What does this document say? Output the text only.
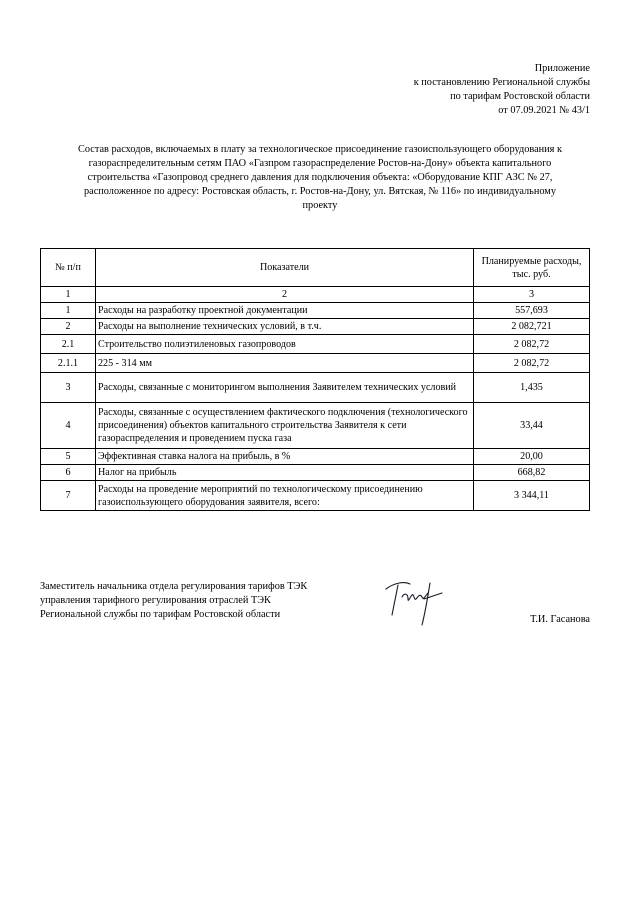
Приложение
к постановлению Региональной службы
по тарифам Ростовской области
от 07.09.2021 № 43/1
Состав расходов, включаемых в плату за технологическое присоединение газоиспользующего оборудования к
газораспределительным сетям ПАО «Газпром газораспределение Ростов-на-Дону» объекта капитального
строительства «Газопровод среднего давления для подключения объекта: «Оборудование КПГ АЗС № 27,
расположенное по адресу: Ростовская область, г. Ростов-на-Дону, ул. Вятская, № 116» по индивидуальному
проекту
№ п/п	Показатели	Планируемые расходы, тыс. руб.
1	2	3
1	Расходы на разработку проектной документации	557,693
2	Расходы на выполнение технических условий, в т.ч.	2 082,721
2.1	Строительство полиэтиленовых газопроводов	2 082,72
2.1.1	225 - 314 мм	2 082,72
3	Расходы, связанные с мониторингом выполнения Заявителем технических условий	1,435
4	Расходы, связанные с осуществлением фактического подключения (технологического присоединения) объектов капитального строительства Заявителя к сети газораспределения и проведением пуска газа	33,44
5	Эффективная ставка налога на прибыль, в %	20,00
6	Налог на прибыль	668,82
7	Расходы на проведение мероприятий по технологическому присоединению газоиспользующего оборудования заявителя, всего:	3 344,11
Заместитель начальника отдела регулирования тарифов ТЭК
управления тарифного регулирования отраслей ТЭК
Региональной службы по тарифам Ростовской области	Т.И. Гасанова
